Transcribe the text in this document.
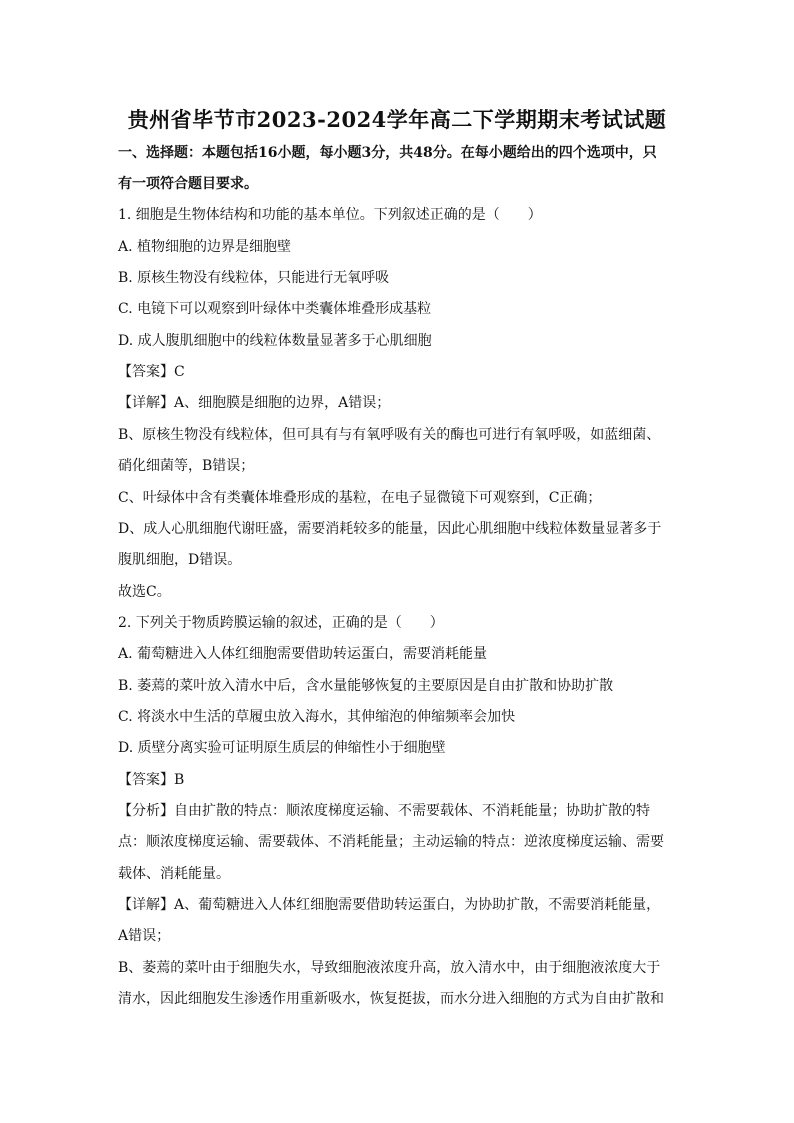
贵州省毕节市2023-2024学年高二下学期期末考试试题
一、选择题：本题包括16小题，每小题3分，共48分。在每小题给出的四个选项中，只
有一项符合题目要求。
1. 细胞是生物体结构和功能的基本单位。下列叙述正确的是（　　）
A. 植物细胞的边界是细胞壁
B. 原核生物没有线粒体，只能进行无氧呼吸
C. 电镜下可以观察到叶绿体中类囊体堆叠形成基粒
D. 成人腹肌细胞中的线粒体数量显著多于心肌细胞
【答案】C
【详解】A、细胞膜是细胞的边界，A错误；
B、原核生物没有线粒体，但可具有与有氧呼吸有关的酶也可进行有氧呼吸，如蓝细菌、
硝化细菌等，B错误；
C、叶绿体中含有类囊体堆叠形成的基粒，在电子显微镜下可观察到，C正确；
D、成人心肌细胞代谢旺盛，需要消耗较多的能量，因此心肌细胞中线粒体数量显著多于
腹肌细胞，D错误。
故选C。
2. 下列关于物质跨膜运输的叙述，正确的是（　　）
A. 葡萄糖进入人体红细胞需要借助转运蛋白，需要消耗能量
B. 萎蔫的菜叶放入清水中后，含水量能够恢复的主要原因是自由扩散和协助扩散
C. 将淡水中生活的草履虫放入海水，其伸缩泡的伸缩频率会加快
D. 质壁分离实验可证明原生质层的伸缩性小于细胞壁
【答案】B
【分析】自由扩散的特点：顺浓度梯度运输、不需要载体、不消耗能量；协助扩散的特
点：顺浓度梯度运输、需要载体、不消耗能量；主动运输的特点：逆浓度梯度运输、需要
载体、消耗能量。
【详解】A、葡萄糖进入人体红细胞需要借助转运蛋白，为协助扩散，不需要消耗能量，
A错误；
B、萎蔫的菜叶由于细胞失水，导致细胞液浓度升高，放入清水中，由于细胞液浓度大于
清水，因此细胞发生渗透作用重新吸水，恢复挺拔，而水分进入细胞的方式为自由扩散和
